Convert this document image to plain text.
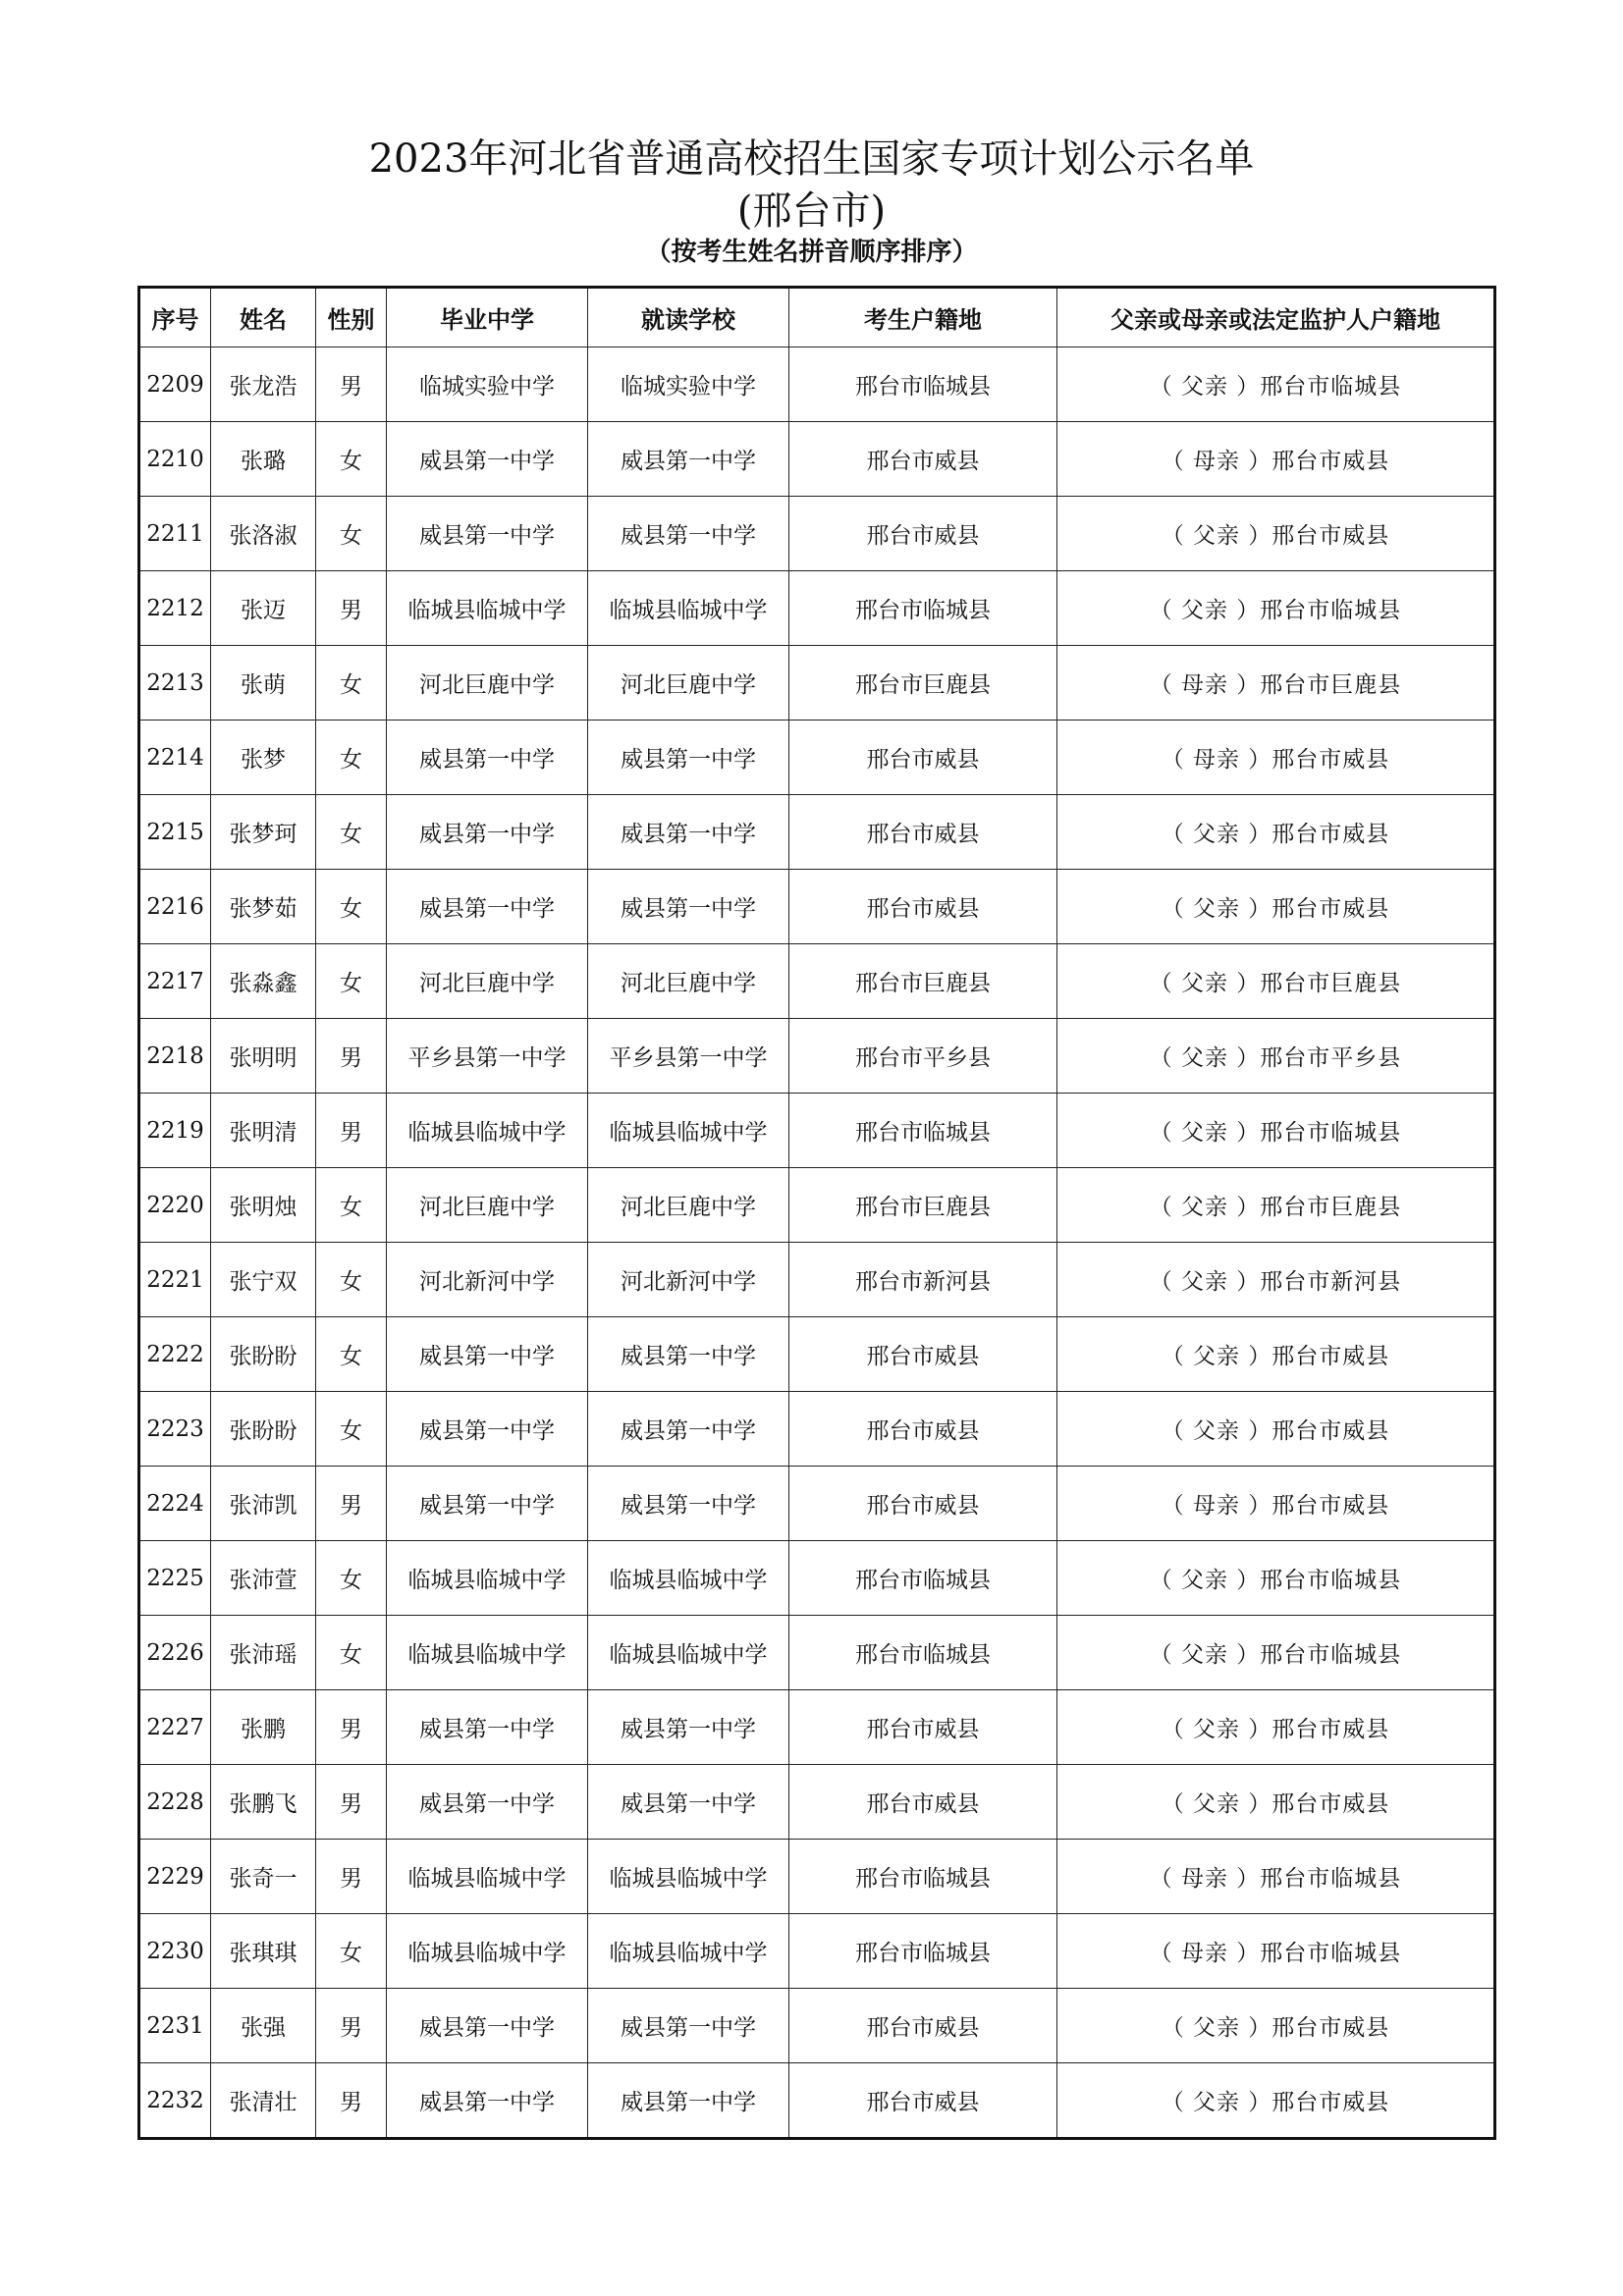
2023年河北省普通高校招生国家专项计划公示名单
(邢台市)
（按考生姓名拼音顺序排序）
序号	姓名	性别	毕业中学	就读学校	考生户籍地	父亲或母亲或法定监护人户籍地
2209	张龙浩	男	临城实验中学	临城实验中学	邢台市临城县	（ 父亲 ）邢台市临城县
2210	张璐	女	威县第一中学	威县第一中学	邢台市威县	（ 母亲 ）邢台市威县
2211	张洛淑	女	威县第一中学	威县第一中学	邢台市威县	（ 父亲 ）邢台市威县
2212	张迈	男	临城县临城中学	临城县临城中学	邢台市临城县	（ 父亲 ）邢台市临城县
2213	张萌	女	河北巨鹿中学	河北巨鹿中学	邢台市巨鹿县	（ 母亲 ）邢台市巨鹿县
2214	张梦	女	威县第一中学	威县第一中学	邢台市威县	（ 母亲 ）邢台市威县
2215	张梦珂	女	威县第一中学	威县第一中学	邢台市威县	（ 父亲 ）邢台市威县
2216	张梦茹	女	威县第一中学	威县第一中学	邢台市威县	（ 父亲 ）邢台市威县
2217	张淼鑫	女	河北巨鹿中学	河北巨鹿中学	邢台市巨鹿县	（ 父亲 ）邢台市巨鹿县
2218	张明明	男	平乡县第一中学	平乡县第一中学	邢台市平乡县	（ 父亲 ）邢台市平乡县
2219	张明清	男	临城县临城中学	临城县临城中学	邢台市临城县	（ 父亲 ）邢台市临城县
2220	张明烛	女	河北巨鹿中学	河北巨鹿中学	邢台市巨鹿县	（ 父亲 ）邢台市巨鹿县
2221	张宁双	女	河北新河中学	河北新河中学	邢台市新河县	（ 父亲 ）邢台市新河县
2222	张盼盼	女	威县第一中学	威县第一中学	邢台市威县	（ 父亲 ）邢台市威县
2223	张盼盼	女	威县第一中学	威县第一中学	邢台市威县	（ 父亲 ）邢台市威县
2224	张沛凯	男	威县第一中学	威县第一中学	邢台市威县	（ 母亲 ）邢台市威县
2225	张沛萱	女	临城县临城中学	临城县临城中学	邢台市临城县	（ 父亲 ）邢台市临城县
2226	张沛瑶	女	临城县临城中学	临城县临城中学	邢台市临城县	（ 父亲 ）邢台市临城县
2227	张鹏	男	威县第一中学	威县第一中学	邢台市威县	（ 父亲 ）邢台市威县
2228	张鹏飞	男	威县第一中学	威县第一中学	邢台市威县	（ 父亲 ）邢台市威县
2229	张奇一	男	临城县临城中学	临城县临城中学	邢台市临城县	（ 母亲 ）邢台市临城县
2230	张琪琪	女	临城县临城中学	临城县临城中学	邢台市临城县	（ 母亲 ）邢台市临城县
2231	张强	男	威县第一中学	威县第一中学	邢台市威县	（ 父亲 ）邢台市威县
2232	张清壮	男	威县第一中学	威县第一中学	邢台市威县	（ 父亲 ）邢台市威县
